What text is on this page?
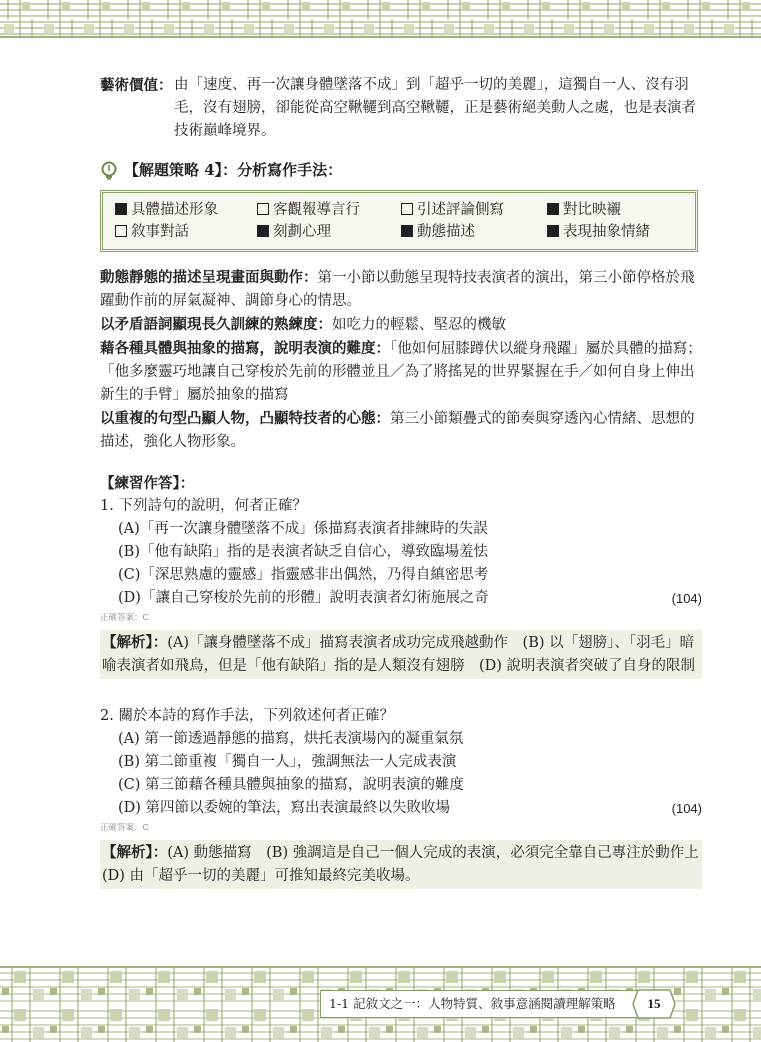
藝術價值 ：	由「速度、再一次讓身體墜落不成」到「超乎一切的美麗」，這獨自一人、沒有羽毛，沒有翅膀，卻能從高空鞦韆到高空鞦韆，正是藝術絕美動人之處，也是表演者技術巔峰境界。
【解題策略 4】：分析寫作手法：
具體描述形象	客觀報導言行	引述評論側寫	對比映襯
敘事對話	刻劃心理	動態描述	表現抽象情緒
動態靜態的描述呈現畫面與動作：第一小節以動態呈現特技表演者的演出，第三小節停格於飛躍動作前的屏氣凝神、調節身心的情思。
以矛盾語詞顯現長久訓練的熟練度：如吃力的輕鬆、堅忍的機敏
藉各種具體與抽象的描寫，說明表演的難度：「他如何屈膝蹲伏以縱身飛躍」屬於具體的描寫；「他多麼靈巧地讓自己穿梭於先前的形體並且／為了將搖晃的世界緊握在手／如何自身上伸出新生的手臂」屬於抽象的描寫
以重複的句型凸顯人物，凸顯特技者的心態：第三小節類疊式的節奏與穿透內心情緒、思想的描述，強化人物形象。
【練習作答】：
1. 下列詩句的說明，何者正確？
(A)「再一次讓身體墜落不成」係描寫表演者排練時的失誤
(B)「他有缺陷」指的是表演者缺乏自信心，導致臨場羞怯
(C)「深思熟慮的靈感」指靈感非出偶然，乃得自縝密思考
(D)「讓自己穿梭於先前的形體」說明表演者幻術施展之奇	(104)
正確答案：C
【解析】：(A)「讓身體墜落不成」描寫表演者成功完成飛越動作　(B) 以「翅膀」、「羽毛」暗喻表演者如飛鳥，但是「他有缺陷」指的是人類沒有翅膀　(D) 說明表演者突破了自身的限制
2. 關於本詩的寫作手法，下列敘述何者正確？
(A) 第一節透過靜態的描寫，烘托表演場內的凝重氣氛
(B) 第二節重複「獨自一人」，強調無法一人完成表演
(C) 第三節藉各種具體與抽象的描寫，說明表演的難度
(D) 第四節以委婉的筆法，寫出表演最終以失敗收場	(104)
正確答案：C
【解析】：(A) 動態描寫　(B) 強調這是自己一個人完成的表演，必須完全靠自己專注於動作上　(D) 由「超乎一切的美麗」可推知最終完美收場。
1-1 記敘文之一：人物特質、敘事意涵閱讀理解策略	15
